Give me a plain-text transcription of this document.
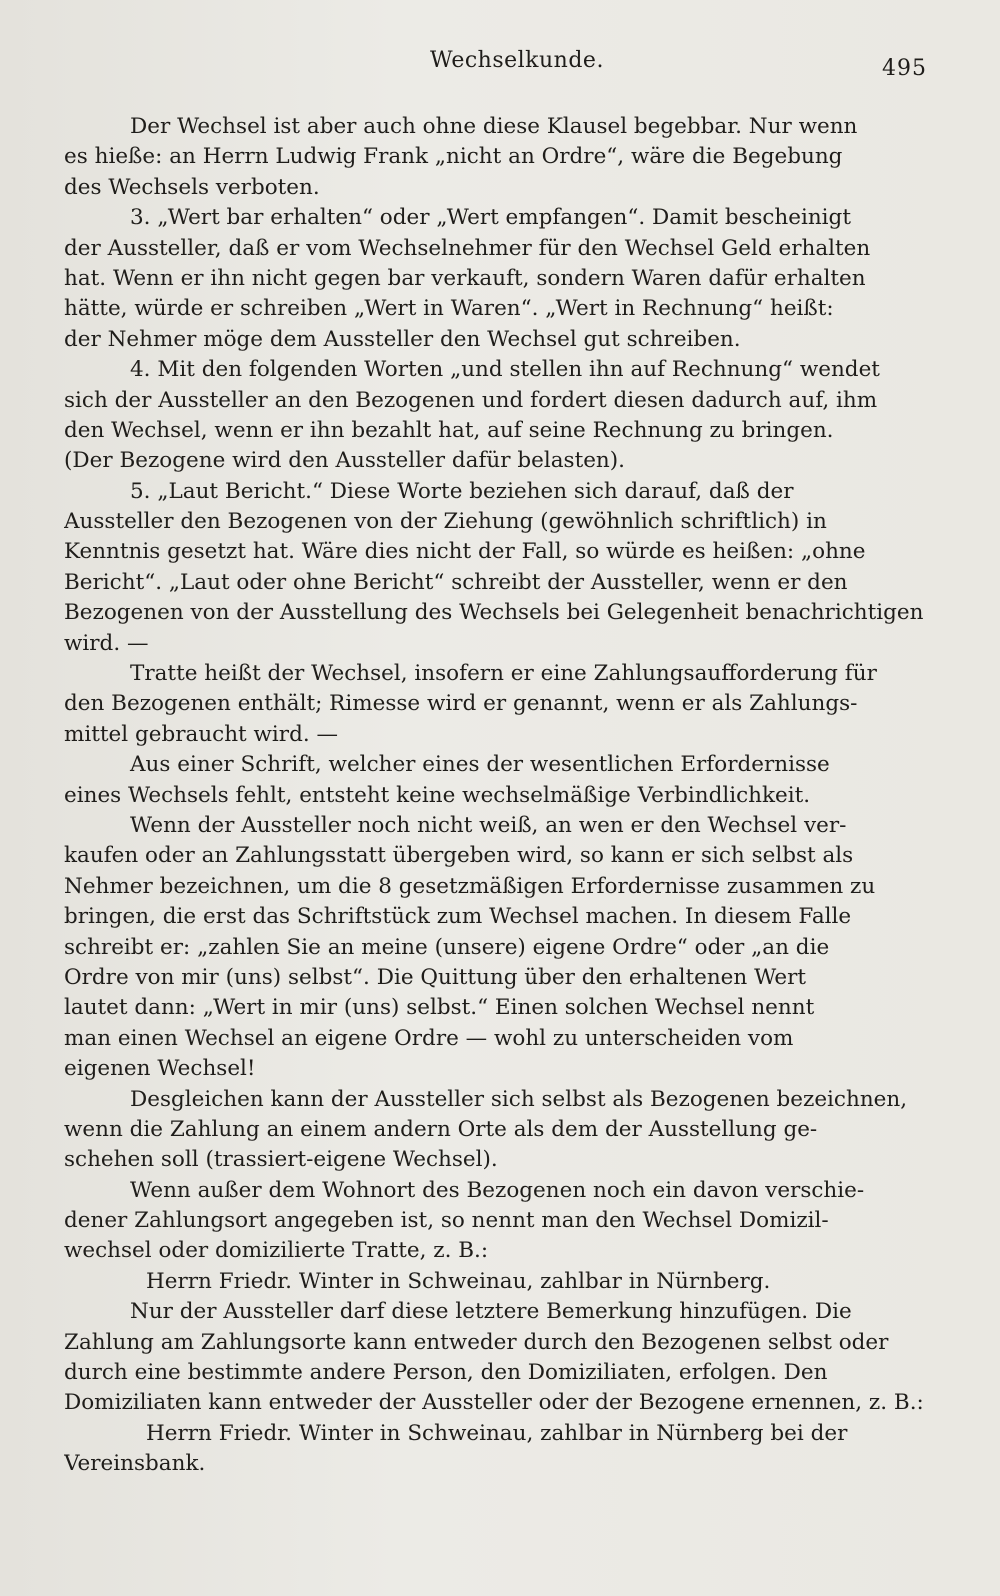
Wechselkunde.	495
Der Wechsel ist aber auch ohne diese Klausel begebbar. Nur wenn
es hieße: an Herrn Ludwig Frank „nicht an Ordre“, wäre die Begebung
des Wechsels verboten.
3. „Wert bar erhalten“ oder „Wert empfangen“. Damit bescheinigt
der Aussteller, daß er vom Wechselnehmer für den Wechsel Geld erhalten
hat. Wenn er ihn nicht gegen bar verkauft, sondern Waren dafür erhalten
hätte, würde er schreiben „Wert in Waren“. „Wert in Rechnung“ heißt:
der Nehmer möge dem Aussteller den Wechsel gut schreiben.
4. Mit den folgenden Worten „und stellen ihn auf Rechnung“ wendet
sich der Aussteller an den Bezogenen und fordert diesen dadurch auf, ihm
den Wechsel, wenn er ihn bezahlt hat, auf seine Rechnung zu bringen.
(Der Bezogene wird den Aussteller dafür belasten).
5. „Laut Bericht.“ Diese Worte beziehen sich darauf, daß der
Aussteller den Bezogenen von der Ziehung (gewöhnlich schriftlich) in
Kenntnis gesetzt hat. Wäre dies nicht der Fall, so würde es heißen: „ohne
Bericht“. „Laut oder ohne Bericht“ schreibt der Aussteller, wenn er den
Bezogenen von der Ausstellung des Wechsels bei Gelegenheit benachrichtigen
wird. —
Tratte heißt der Wechsel, insofern er eine Zahlungsaufforderung für
den Bezogenen enthält; Rimesse wird er genannt, wenn er als Zahlungs-
mittel gebraucht wird. —
Aus einer Schrift, welcher eines der wesentlichen Erfordernisse
eines Wechsels fehlt, entsteht keine wechselmäßige Verbindlichkeit.
Wenn der Aussteller noch nicht weiß, an wen er den Wechsel ver-
kaufen oder an Zahlungsstatt übergeben wird, so kann er sich selbst als
Nehmer bezeichnen, um die 8 gesetzmäßigen Erfordernisse zusammen zu
bringen, die erst das Schriftstück zum Wechsel machen. In diesem Falle
schreibt er: „zahlen Sie an meine (unsere) eigene Ordre“ oder „an die
Ordre von mir (uns) selbst“. Die Quittung über den erhaltenen Wert
lautet dann: „Wert in mir (uns) selbst.“ Einen solchen Wechsel nennt
man einen Wechsel an eigene Ordre — wohl zu unterscheiden vom
eigenen Wechsel!
Desgleichen kann der Aussteller sich selbst als Bezogenen bezeichnen,
wenn die Zahlung an einem andern Orte als dem der Ausstellung ge-
schehen soll (trassiert-eigene Wechsel).
Wenn außer dem Wohnort des Bezogenen noch ein davon verschie-
dener Zahlungsort angegeben ist, so nennt man den Wechsel Domizil-
wechsel oder domizilierte Tratte, z. B.:
Herrn Friedr. Winter in Schweinau, zahlbar in Nürnberg.
Nur der Aussteller darf diese letztere Bemerkung hinzufügen. Die
Zahlung am Zahlungsorte kann entweder durch den Bezogenen selbst oder
durch eine bestimmte andere Person, den Domiziliaten, erfolgen. Den
Domiziliaten kann entweder der Aussteller oder der Bezogene ernennen, z. B.:
Herrn Friedr. Winter in Schweinau, zahlbar in Nürnberg bei der
Vereinsbank.
